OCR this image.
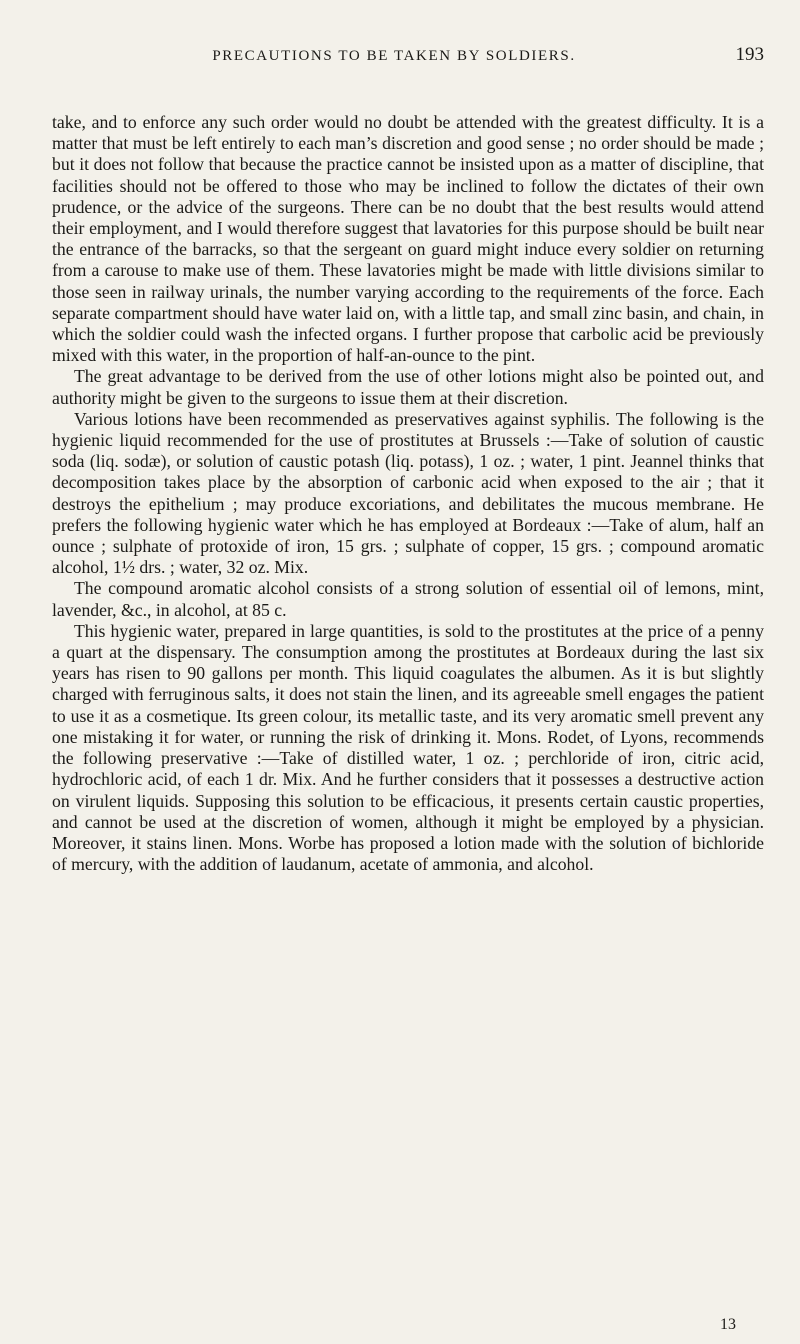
PRECAUTIONS TO BE TAKEN BY SOLDIERS.	193

take, and to enforce any such order would no doubt be attended with the greatest difficulty. It is a matter that must be left entirely to each man’s discretion and good sense ; no order should be made ; but it does not follow that because the practice cannot be insisted upon as a matter of discipline, that facilities should not be offered to those who may be inclined to follow the dictates of their own prudence, or the advice of the surgeons. There can be no doubt that the best results would attend their employment, and I would therefore suggest that lavatories for this purpose should be built near the entrance of the barracks, so that the sergeant on guard might induce every soldier on returning from a carouse to make use of them. These lavatories might be made with little divisions similar to those seen in railway urinals, the number varying according to the requirements of the force. Each separate compartment should have water laid on, with a little tap, and small zinc basin, and chain, in which the soldier could wash the infected organs. I further propose that carbolic acid be previously mixed with this water, in the proportion of half-an-ounce to the pint.

The great advantage to be derived from the use of other lotions might also be pointed out, and authority might be given to the surgeons to issue them at their discretion.

Various lotions have been recommended as preservatives against syphilis. The following is the hygienic liquid recommended for the use of prostitutes at Brussels :—Take of solution of caustic soda (liq. sodæ), or solution of caustic potash (liq. potass), 1 oz. ; water, 1 pint. Jeannel thinks that decomposition takes place by the absorption of carbonic acid when exposed to the air ; that it destroys the epithelium ; may produce excoriations, and debilitates the mucous membrane. He prefers the following hygienic water which he has employed at Bordeaux :—Take of alum, half an ounce ; sulphate of protoxide of iron, 15 grs. ; sulphate of copper, 15 grs. ; compound aromatic alcohol, 1½ drs. ; water, 32 oz. Mix.

The compound aromatic alcohol consists of a strong solution of essential oil of lemons, mint, lavender, &c., in alcohol, at 85 c.

This hygienic water, prepared in large quantities, is sold to the prostitutes at the price of a penny a quart at the dispensary. The consumption among the prostitutes at Bordeaux during the last six years has risen to 90 gallons per month. This liquid coagulates the albumen. As it is but slightly charged with ferruginous salts, it does not stain the linen, and its agreeable smell engages the patient to use it as a cosmetique. Its green colour, its metallic taste, and its very aromatic smell prevent any one mistaking it for water, or running the risk of drinking it. Mons. Rodet, of Lyons, recommends the following preservative :—Take of distilled water, 1 oz. ; perchloride of iron, citric acid, hydrochloric acid, of each 1 dr. Mix. And he further considers that it possesses a destructive action on virulent liquids. Supposing this solution to be efficacious, it presents certain caustic properties, and cannot be used at the discretion of women, although it might be employed by a physician. Moreover, it stains linen. Mons. Worbe has proposed a lotion made with the solution of bichloride of mercury, with the addition of laudanum, acetate of ammonia, and alcohol.

13
